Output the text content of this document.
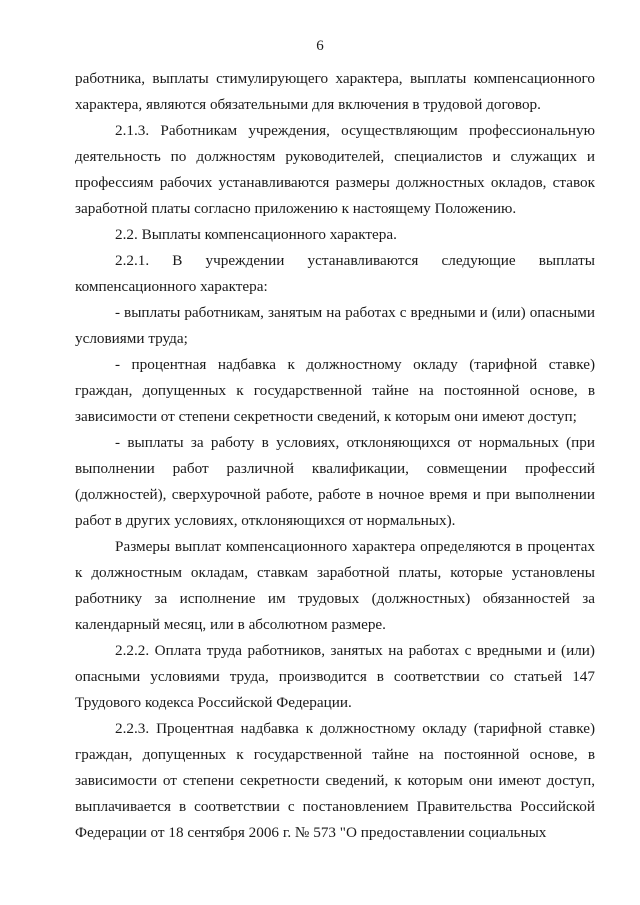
6

работника, выплаты стимулирующего характера, выплаты компенсационного характера, являются обязательными для включения в трудовой договор.

2.1.3. Работникам учреждения, осуществляющим профессиональную деятельность по должностям руководителей, специалистов и служащих и профессиям рабочих устанавливаются размеры должностных окладов, ставок заработной платы согласно приложению к настоящему Положению.

2.2. Выплаты компенсационного характера.

2.2.1. В учреждении устанавливаются следующие выплаты компенсационного характера:

- выплаты работникам, занятым на работах с вредными и (или) опасными условиями труда;

- процентная надбавка к должностному окладу (тарифной ставке) граждан, допущенных к государственной тайне на постоянной основе, в зависимости от степени секретности сведений, к которым они имеют доступ;

- выплаты за работу в условиях, отклоняющихся от нормальных (при выполнении работ различной квалификации, совмещении профессий (должностей), сверхурочной работе, работе в ночное время и при выполнении работ в других условиях, отклоняющихся от нормальных).

Размеры выплат компенсационного характера определяются в процентах к должностным окладам, ставкам заработной платы, которые установлены работнику за исполнение им трудовых (должностных) обязанностей за календарный месяц, или в абсолютном размере.

2.2.2. Оплата труда работников, занятых на работах с вредными и (или) опасными условиями труда, производится в соответствии со статьей 147 Трудового кодекса Российской Федерации.

2.2.3. Процентная надбавка к должностному окладу (тарифной ставке) граждан, допущенных к государственной тайне на постоянной основе, в зависимости от степени секретности сведений, к которым они имеют доступ, выплачивается в соответствии с постановлением Правительства Российской Федерации от 18 сентября 2006 г. № 573 "О предоставлении социальных
